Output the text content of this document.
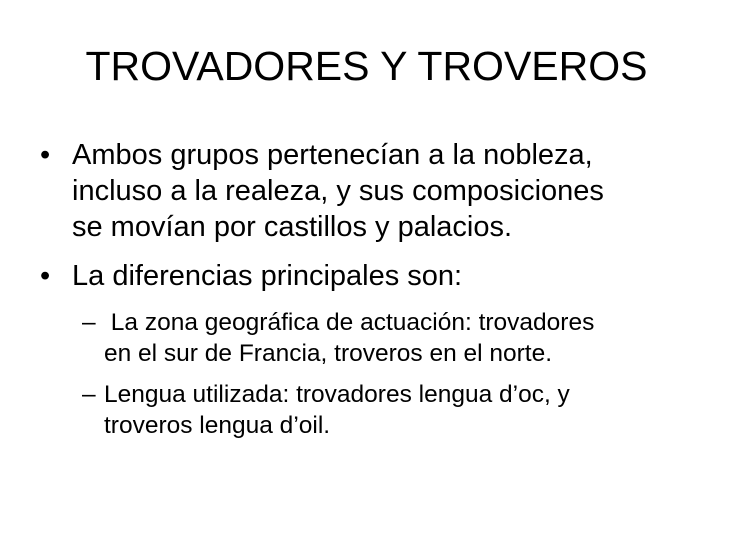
TROVADORES Y TROVEROS
• Ambos grupos pertenecían a la nobleza,
incluso a la realeza, y sus composiciones
se movían por castillos y palacios.
• La diferencias principales son:
– La zona geográfica de actuación: trovadores
en el sur de Francia, troveros en el norte.
– Lengua utilizada: trovadores lengua d’oc, y
troveros lengua d’oil.
